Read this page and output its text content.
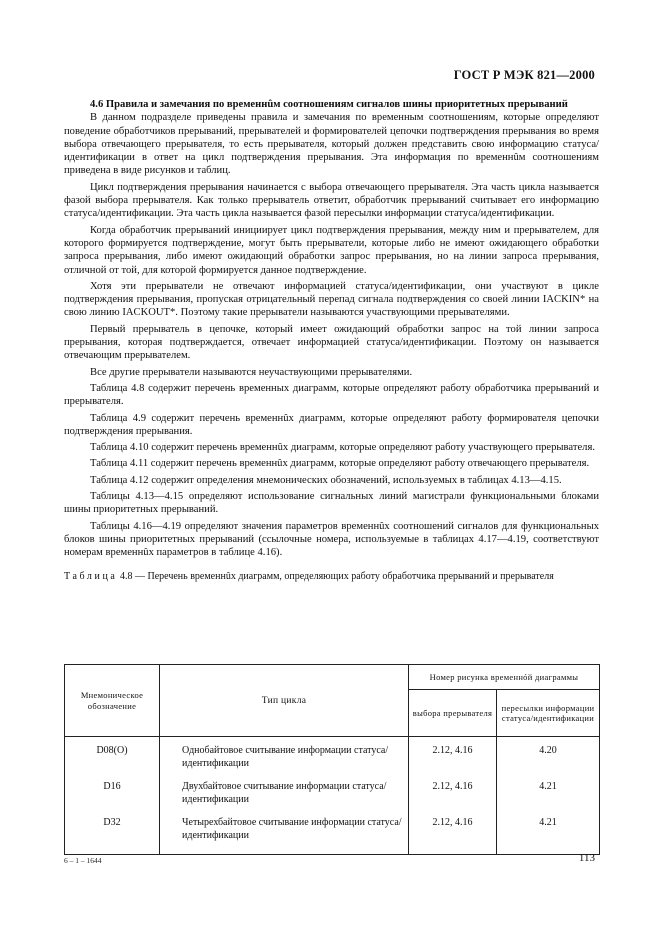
ГОСТ Р МЭК 821—2000

4.6 Правила и замечания по временнûм соотношениям сигналов шины приоритетных прерываний

В данном подразделе приведены правила и замечания по временным соотношениям, которые определяют поведение обработчиков прерываний, прерывателей и формирователей цепочки подтверждения прерывания во время выбора отвечающего прерывателя, то есть прерывателя, который должен представить свою информацию статуса/идентификации в ответ на цикл подтверждения прерывания. Эта информация по временнûм соотношениям приведена в виде рисунков и таблиц.

Цикл подтверждения прерывания начинается с выбора отвечающего прерывателя. Эта часть цикла называется фазой выбора прерывателя. Как только прерыватель ответит, обработчик прерываний считывает его информацию статуса/идентификации. Эта часть цикла называется фазой пересылки информации статуса/идентификации.

Когда обработчик прерываний инициирует цикл подтверждения прерывания, между ним и прерывателем, для которого формируется подтверждение, могут быть прерыватели, которые либо не имеют ожидающего обработки запроса прерывания, либо имеют ожидающий обработки запрос прерывания, но на линии запроса прерывания, отличной от той, для которой формируется данное подтверждение.

Хотя эти прерыватели не отвечают информацией статуса/идентификации, они участвуют в цикле подтверждения прерывания, пропуская отрицательный перепад сигнала подтверждения со своей линии IACKIN* на свою линию IACKOUT*. Поэтому такие прерыватели называются участвующими прерывателями.

Первый прерыватель в цепочке, который имеет ожидающий обработки запрос на той линии запроса прерывания, которая подтверждается, отвечает информацией статуса/идентификации. Поэтому он называется отвечающим прерывателем.

Все другие прерыватели называются неучаствующими прерывателями.

Таблица 4.8 содержит перечень временных диаграмм, которые определяют работу обработчика прерываний и прерывателя.

Таблица 4.9 содержит перечень временнûх диаграмм, которые определяют работу формирователя цепочки подтверждения прерывания.

Таблица 4.10 содержит перечень временнûх диаграмм, которые определяют работу участвующего прерывателя.

Таблица 4.11 содержит перечень временнûх диаграмм, которые определяют работу отвечающего прерывателя.

Таблица 4.12 содержит определения мнемонических обозначений, используемых в таблицах 4.13—4.15.

Таблицы 4.13—4.15 определяют использование сигнальных линий магистрали функциональными блоками шины приоритетных прерываний.

Таблицы 4.16—4.19 определяют значения параметров временнûх соотношений сигналов для функциональных блоков шины приоритетных прерываний (ссылочные номера, используемые в таблицах 4.17—4.19, соответствуют номерам временнûх параметров в таблице 4.16).

Таблица 4.8 — Перечень временнûх диаграмм, определяющих работу обработчика прерываний и прерывателя

Мнемоническое обозначение	Тип цикла	Номер рисунка временнóй диаграммы	
		выбора прерывателя	пересылки информации статуса/идентификации
D08(O)	Однобайтовое считывание информации статуса/идентификации	2.12, 4.16	4.20
D16	Двухбайтовое считывание информации статуса/идентификации	2.12, 4.16	4.21
D32	Четырехбайтовое считывание информации статуса/идентификации	2.12, 4.16	4.21
6 – 1 – 1644	113
